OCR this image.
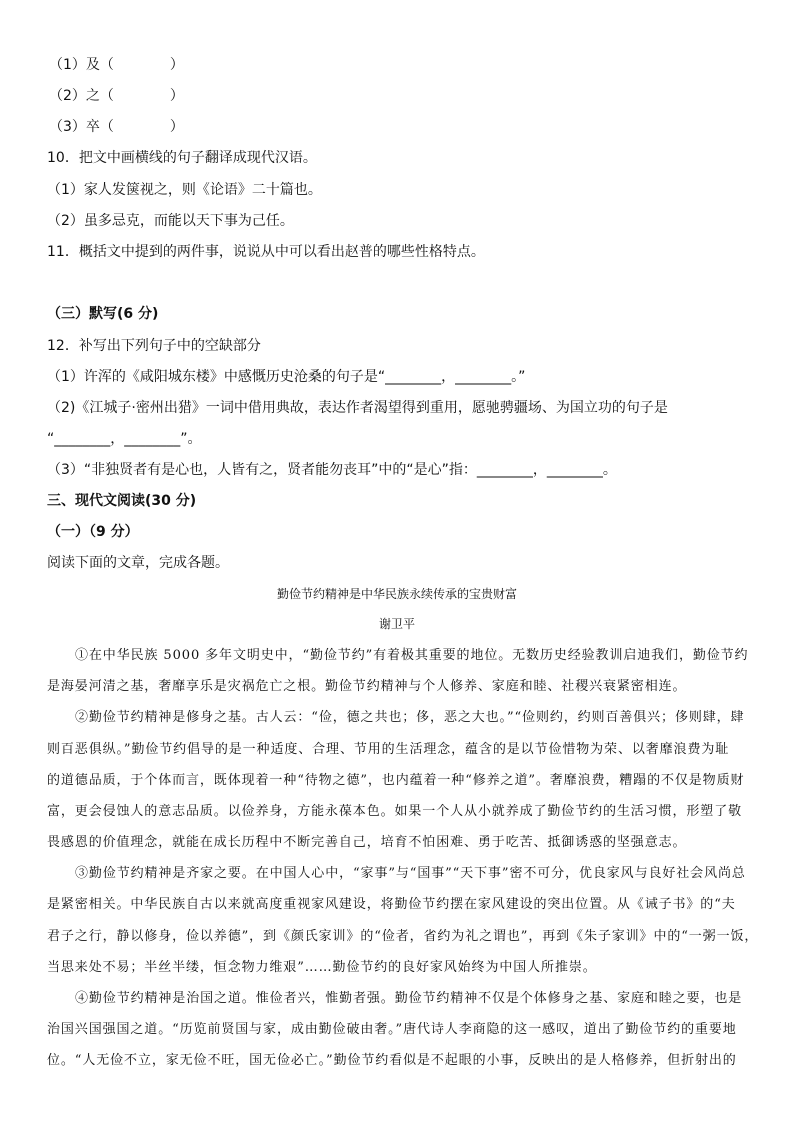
（1）及（　　　　）
（2）之（　　　　）
（3）卒（　　　　）
10．把文中画横线的句子翻译成现代汉语。
（1）家人发箧视之，则《论语》二十篇也。
（2）虽多忌克，而能以天下事为己任。
11．概括文中提到的两件事，说说从中可以看出赵普的哪些性格特点。
（三）默写(6 分)
12．补写出下列句子中的空缺部分
（1）许浑的《咸阳城东楼》中感慨历史沧桑的句子是“________，________。”
（2)《江城子·密州出猎》一词中借用典故，表达作者渴望得到重用，愿驰骋疆场、为国立功的句子是
“________，________”。
（3）“非独贤者有是心也，人皆有之，贤者能勿丧耳”中的“是心”指：________，________。
三、现代文阅读(30 分)
（一）（9 分）
阅读下面的文章，完成各题。
勤俭节约精神是中华民族永续传承的宝贵财富
谢卫平
①在中华民族 5000 多年文明史中，“勤俭节约”有着极其重要的地位。无数历史经验教训启迪我们，勤俭节约
是海晏河清之基，奢靡享乐是灾祸危亡之根。勤俭节约精神与个人修养、家庭和睦、社稷兴衰紧密相连。
②勤俭节约精神是修身之基。古人云：“俭，德之共也；侈，恶之大也。”“俭则约，约则百善俱兴；侈则肆，肆
则百恶俱纵。”勤俭节约倡导的是一种适度、合理、节用的生活理念，蕴含的是以节俭惜物为荣、以奢靡浪费为耻
的道德品质，于个体而言，既体现着一种“待物之德”，也内蕴着一种“修养之道”。奢靡浪费，糟蹋的不仅是物质财
富，更会侵蚀人的意志品质。以俭养身，方能永葆本色。如果一个人从小就养成了勤俭节约的生活习惯，形塑了敬
畏感恩的价值理念，就能在成长历程中不断完善自己，培育不怕困难、勇于吃苦、抵御诱惑的坚强意志。
③勤俭节约精神是齐家之要。在中国人心中，“家事”与“国事”“天下事”密不可分，优良家风与良好社会风尚总
是紧密相关。中华民族自古以来就高度重视家风建设，将勤俭节约摆在家风建设的突出位置。从《诫子书》的“夫
君子之行，静以修身，俭以养德”，到《颜氏家训》的“俭者，省约为礼之谓也”，再到《朱子家训》中的“一粥一饭，
当思来处不易；半丝半缕，恒念物力维艰”……勤俭节约的良好家风始终为中国人所推崇。
④勤俭节约精神是治国之道。惟俭者兴，惟勤者强。勤俭节约精神不仅是个体修身之基、家庭和睦之要，也是
治国兴国强国之道。“历览前贤国与家，成由勤俭破由奢。”唐代诗人李商隐的这一感叹，道出了勤俭节约的重要地
位。“人无俭不立，家无俭不旺，国无俭必亡。”勤俭节约看似是不起眼的小事，反映出的是人格修养，但折射出的
